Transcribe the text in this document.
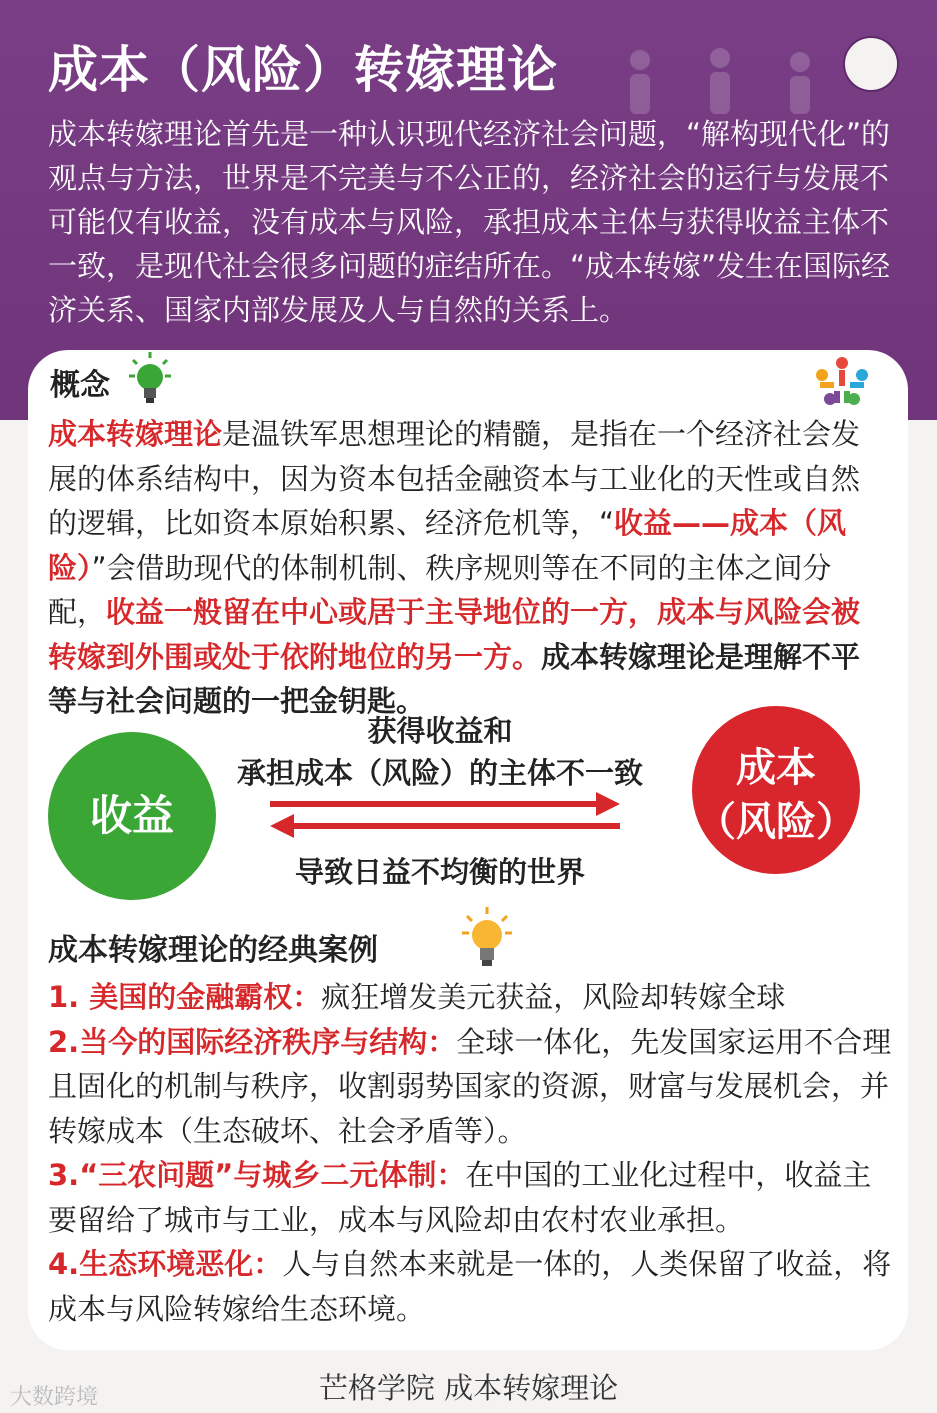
成本（风险）转嫁理论
成本转嫁理论首先是一种认识现代经济社会问题，“解构现代化”的观点与方法，世界是不完美与不公正的，经济社会的运行与发展不可能仅有收益，没有成本与风险，承担成本主体与获得收益主体不一致，是现代社会很多问题的症结所在。“成本转嫁”发生在国际经济关系、国家内部发展及人与自然的关系上。
概念
成本转嫁理论是温铁军思想理论的精髓，是指在一个经济社会发展的体系结构中，因为资本包括金融资本与工业化的天性或自然的逻辑，比如资本原始积累、经济危机等，“收益——成本（风险）”会借助现代的体制机制、秩序规则等在不同的主体之间分配，收益一般留在中心或居于主导地位的一方，成本与风险会被转嫁到外围或处于依附地位的另一方。成本转嫁理论是理解不平等与社会问题的一把金钥匙。
收益
成本
（风险）
获得收益和
承担成本（风险）的主体不一致
导致日益不均衡的世界
成本转嫁理论的经典案例

1. 美国的金融霸权：疯狂增发美元获益，风险却转嫁全球

2.当今的国际经济秩序与结构：全球一体化，先发国家运用不合理且固化的机制与秩序，收割弱势国家的资源，财富与发展机会，并转嫁成本（生态破坏、社会矛盾等）。

3.“三农问题”与城乡二元体制：在中国的工业化过程中，收益主要留给了城市与工业，成本与风险却由农村农业承担。

4.生态环境恶化：人与自然本来就是一体的，人类保留了收益，将成本与风险转嫁给生态环境。

芒格学院 成本转嫁理论
大数跨境
